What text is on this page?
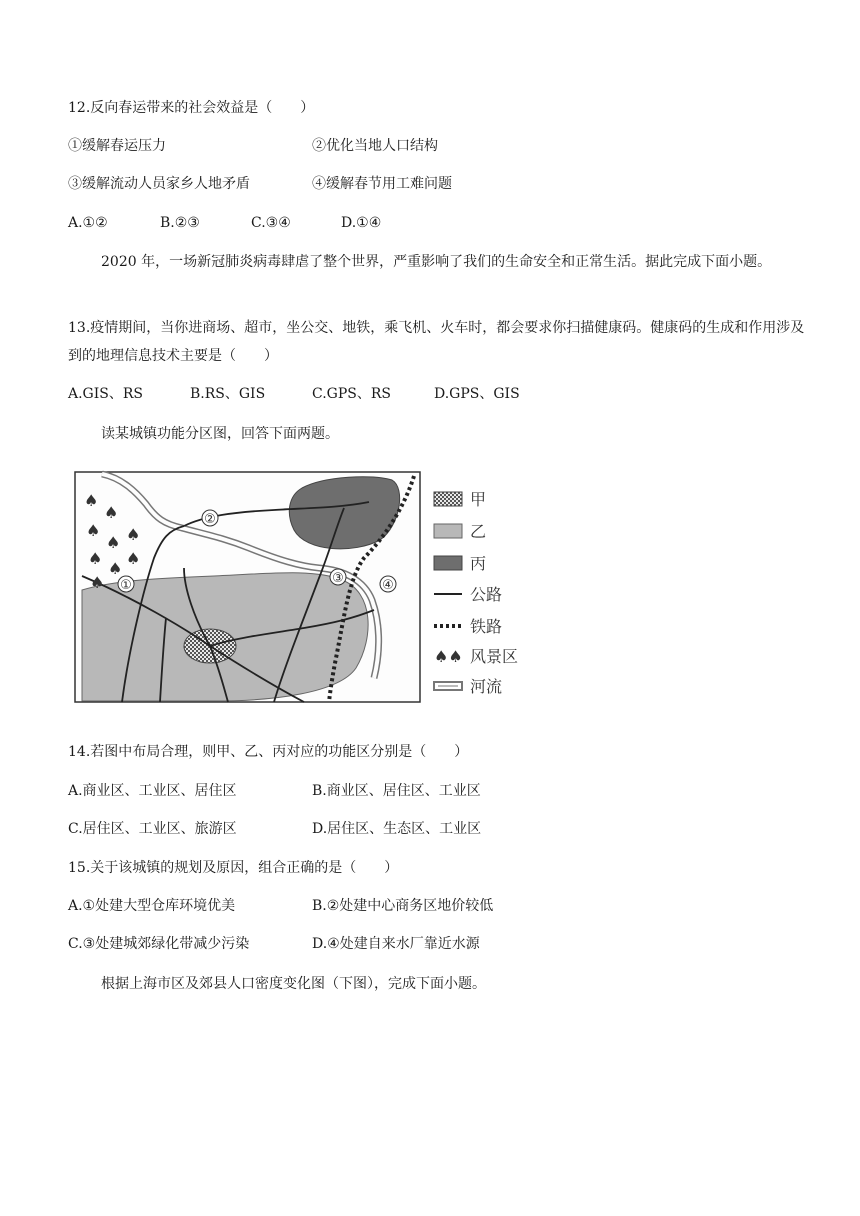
12.反向春运带来的社会效益是（　　）
①缓解春运压力	②优化当地人口结构
③缓解流动人员家乡人地矛盾	④缓解春节用工难问题
A.①②	B.②③	C.③④	D.①④
2020 年，一场新冠肺炎病毒肆虐了整个世界，严重影响了我们的生命安全和正常生活。据此完成下面小题。
13.疫情期间，当你进商场、超市，坐公交、地铁，乘飞机、火车时，都会要求你扫描健康码。健康码的生成和作用涉及到的地理信息技术主要是（　　）
A.GIS、RS	B.RS、GIS	C.GPS、RS	D.GPS、GIS
读某城镇功能分区图，回答下面两题。
♠
♠
♠
♠ ♠
♠ ♠
♠
♠
①
②
③	④
甲
乙
丙
公路
铁路
♠♠ 风景区
河流
14.若图中布局合理，则甲、乙、丙对应的功能区分别是（　　）
A.商业区、工业区、居住区	B.商业区、居住区、工业区
C.居住区、工业区、旅游区	D.居住区、生态区、工业区
15.关于该城镇的规划及原因，组合正确的是（　　）
A.①处建大型仓库环境优美	B.②处建中心商务区地价较低
C.③处建城郊绿化带减少污染	D.④处建自来水厂靠近水源
根据上海市区及郊县人口密度变化图（下图），完成下面小题。
